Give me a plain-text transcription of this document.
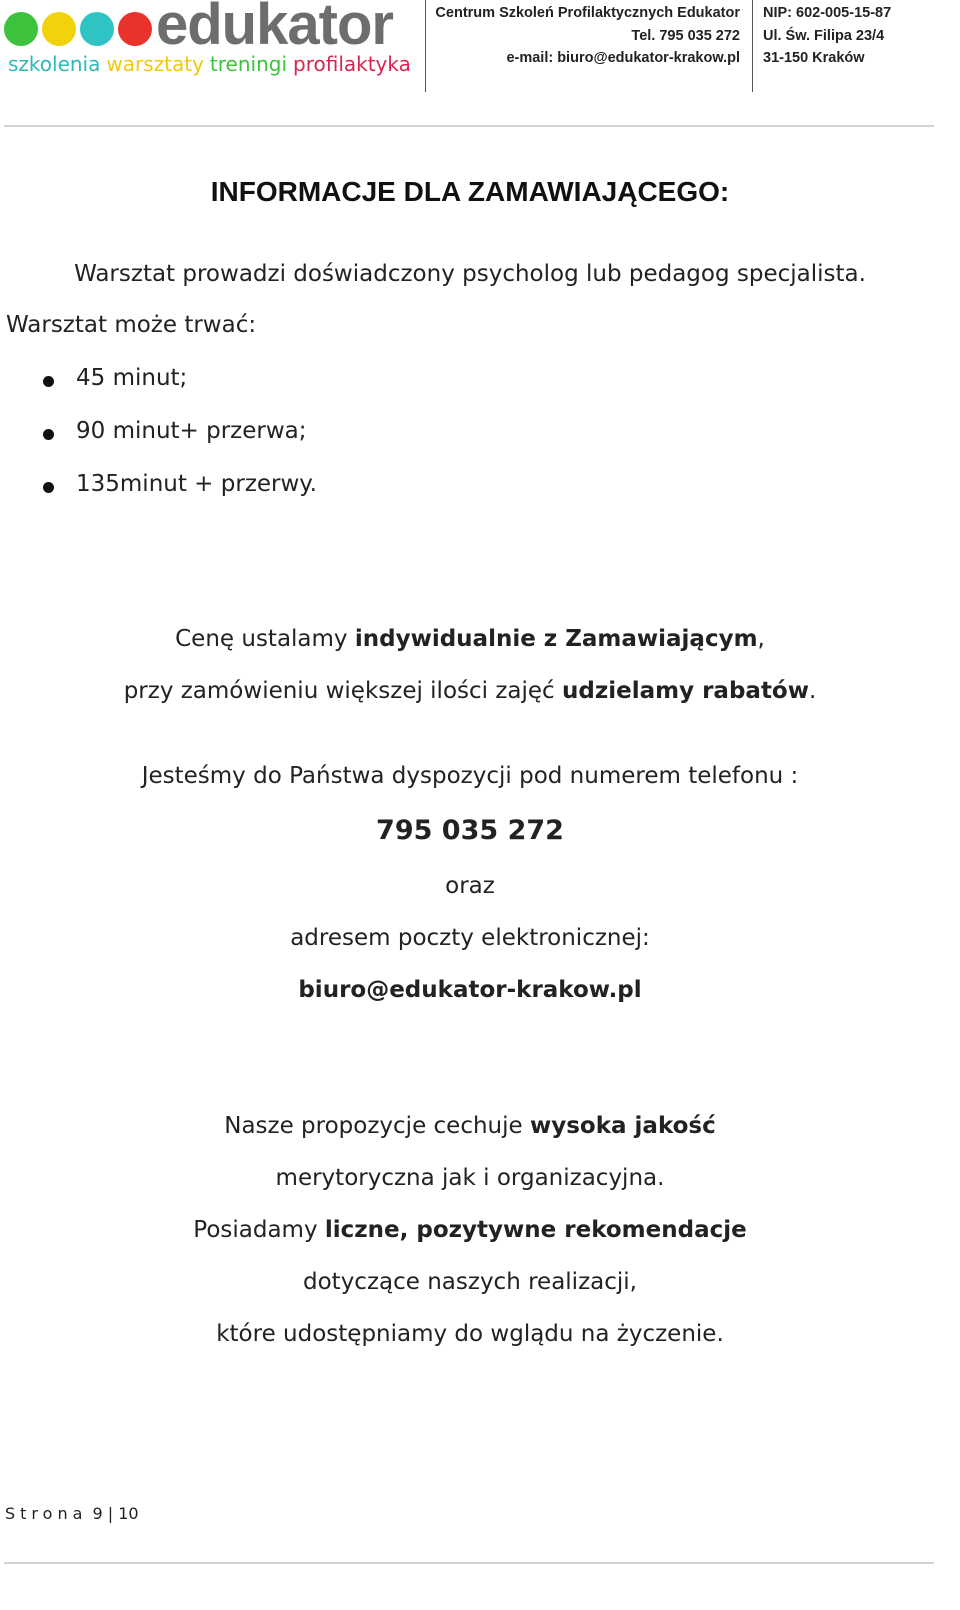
edukator
szkolenia warsztaty treningi profilaktyka
Centrum Szkoleń Profilaktycznych Edukator
Tel. 795 035 272
e-mail: biuro@edukator-krakow.pl
NIP: 602-005-15-87
Ul. Św. Filipa 23/4
31-150 Kraków
INFORMACJE DLA ZAMAWIAJĄCEGO:
Warsztat prowadzi doświadczony psycholog lub pedagog specjalista.
Warsztat może trwać:
45 minut;
90 minut+ przerwa;
135minut + przerwy.
Cenę ustalamy indywidualnie z Zamawiającym,
przy zamówieniu większej ilości zajęć udzielamy rabatów.
Jesteśmy do Państwa dyspozycji pod numerem telefonu :
795 035 272
oraz
adresem poczty elektronicznej:
biuro@edukator-krakow.pl
Nasze propozycje cechuje wysoka jakość
merytoryczna jak i organizacyjna.
Posiadamy liczne, pozytywne rekomendacje
dotyczące naszych realizacji,
które udostępniamy do wglądu na życzenie.
Strona 9 | 10
